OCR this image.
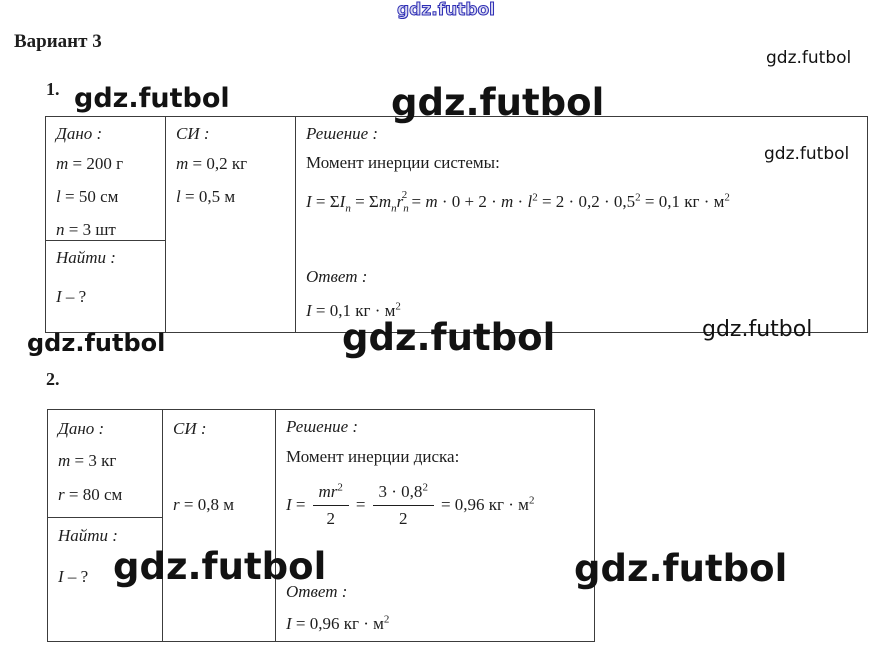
gdz.futbol
gdz.futbol
gdz.futbol	gdz.futbol
gdz.futbol
gdz.futbol	gdz.futbol	gdz.futbol
gdz.futbol	gdz.futbol
Вариант 3
1.
2.
Дано :
m = 200 г
l = 50 см
n = 3 шт
Найти :
I – ?
СИ :
m = 0,2 кг
l = 0,5 м
Решение :
Момент инерции системы:
$I = \Sigma I_n = \Sigma m_nr_n^2 = m \cdot 0 + 2 \cdot m \cdot l^2 = 2 \cdot 0,2 \cdot 0,5^2 = 0,1$ кг · $м^2$
Ответ :
I = 0,1 кг · $м^2$
Дано :
m = 3 кг
r = 80 см
Найти :
I – ?
СИ :
r = 0,8 м
Решение :
Момент инерции диска:
$I = \frac{mr^2}{2} = \frac{3 \cdot 0,8^2}{2} = 0,96$ кг · $м^2$
Ответ :
I = 0,96 кг · $м^2$
